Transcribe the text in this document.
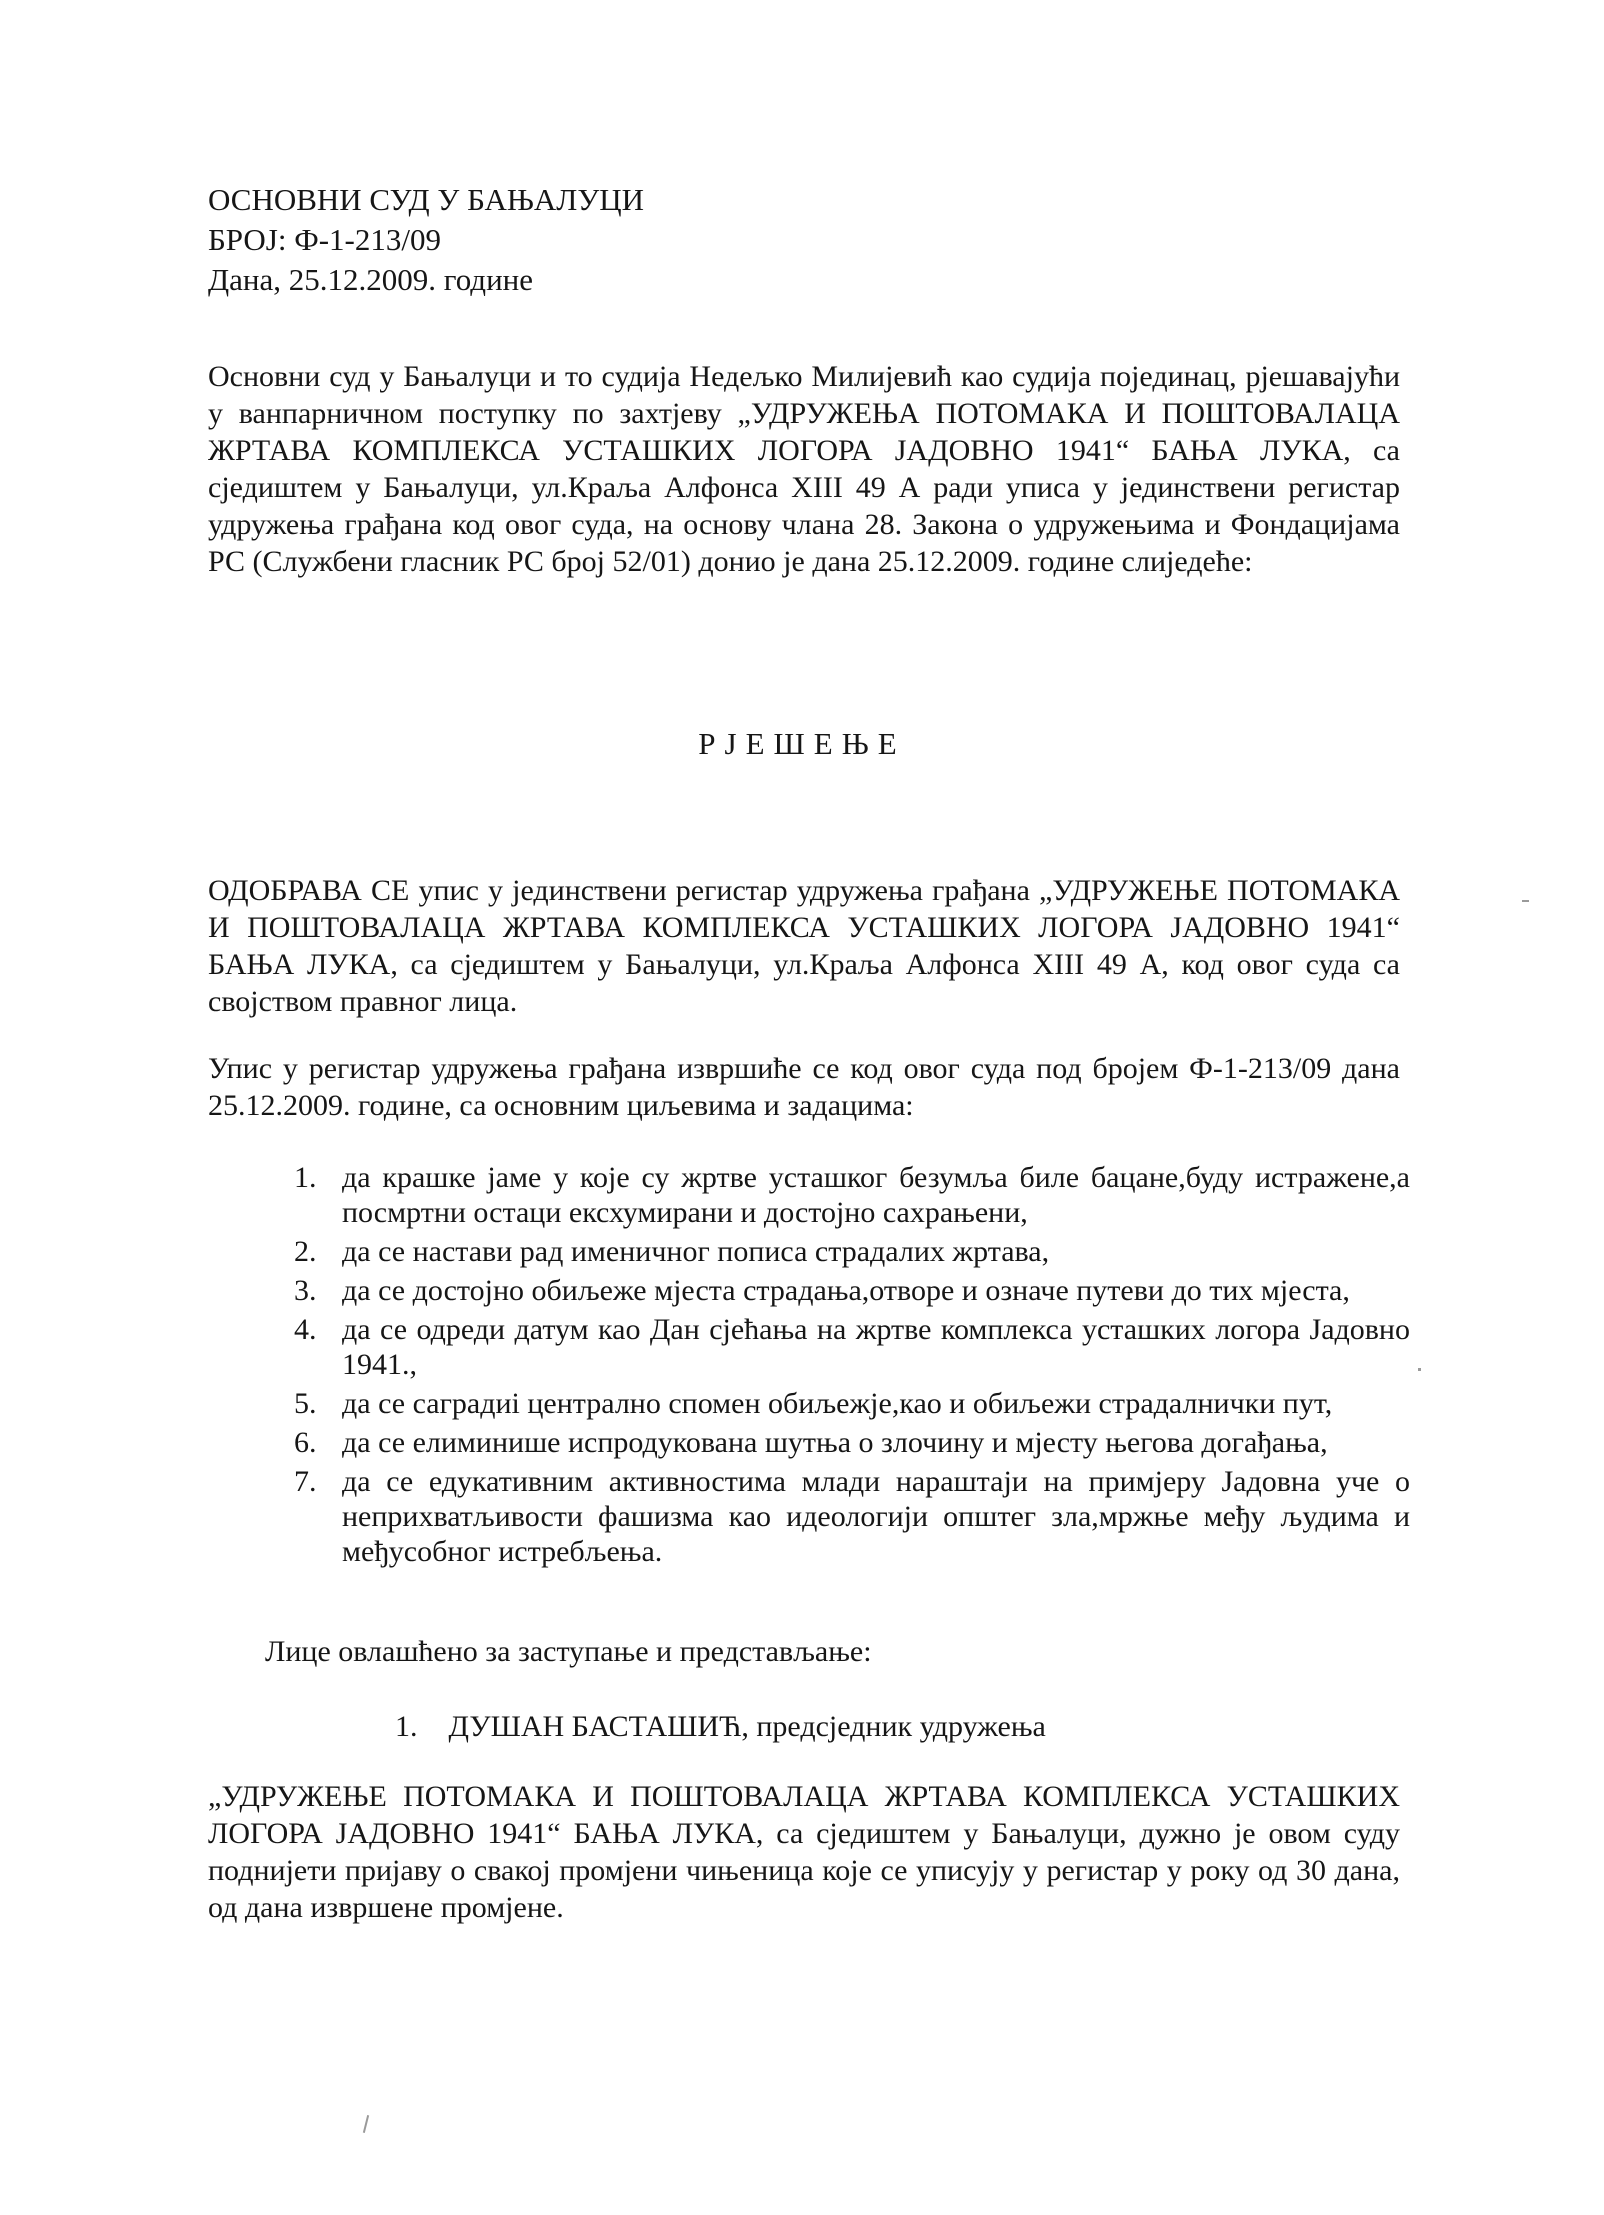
ОСНОВНИ СУД У БАЊАЛУЦИ
БРОЈ: Ф-1-213/09
Дана, 25.12.2009. године
Основни суд у Бањалуци и то судија Недељко Милијевић као судија појединац, рјешавајући у ванпарничном поступку по захтјеву „УДРУЖЕЊА ПОТОМАКА И ПОШТОВАЛАЦА ЖРТАВА КОМПЛЕКСА УСТАШКИХ ЛОГОРА ЈАДОВНО 1941“ БАЊА ЛУКА, са сједиштем у Бањалуци, ул.Краља Алфонса XIII 49 А ради уписа у јединствени регистар удружења грађана код овог суда, на основу члана 28. Закона о удружењима и Фондацијама РС (Службени гласник РС број 52/01) донио је дана 25.12.2009. године слиједеће:
РЈЕШЕЊЕ
ОДОБРАВА СЕ упис у јединствени регистар удружења грађана „УДРУЖЕЊЕ ПОТОМАКА И ПОШТОВАЛАЦА ЖРТАВА КОМПЛЕКСА УСТАШКИХ ЛОГОРА ЈАДОВНО 1941“ БАЊА ЛУКА, са сједиштем у Бањалуци, ул.Краља Алфонса XIII 49 А, код овог суда са својством правног лица.
Упис у регистар удружења грађана извршиће се код овог суда под бројем Ф-1-213/09 дана 25.12.2009. године, са основним циљевима и задацима:
1. да крашке јаме у које су жртве усташког безумља биле бацане,буду истражене,а посмртни остаци ексхумирани и достојно сахрањени,
2. да се настави рад именичног пописа страдалих жртава,
3. да се достојно обиљеже мјеста страдања,отворе и означе путеви до тих мјеста,
4. да се одреди датум као Дан сјећања на жртве комплекса усташких логора Јадовно 1941.,
5. да се саградиi централно спомен обиљежје,као и обиљежи страдалнички пут,
6. да се елиминише испродукована шутња о злочину и мјесту његова догађања,
7. да се едукативним активностима млади нараштаји на примјеру Јадовна уче о неприхватљивости фашизма као идеологији општег зла,мржње међу људима и међусобног истребљења.
Лице овлашћено за заступање и представљање:
1. ДУШАН БАСТАШИЋ, предсједник удружења
„УДРУЖЕЊЕ ПОТОМАКА И ПОШТОВАЛАЦА ЖРТАВА КОМПЛЕКСА УСТАШКИХ ЛОГОРА ЈАДОВНО 1941“ БАЊА ЛУКА, са сједиштем у Бањалуци, дужно је овом суду поднијети пријаву о свакој промјени чињеница које се уписују у регистар у року од 30 дана, од дана извршене промјене.
